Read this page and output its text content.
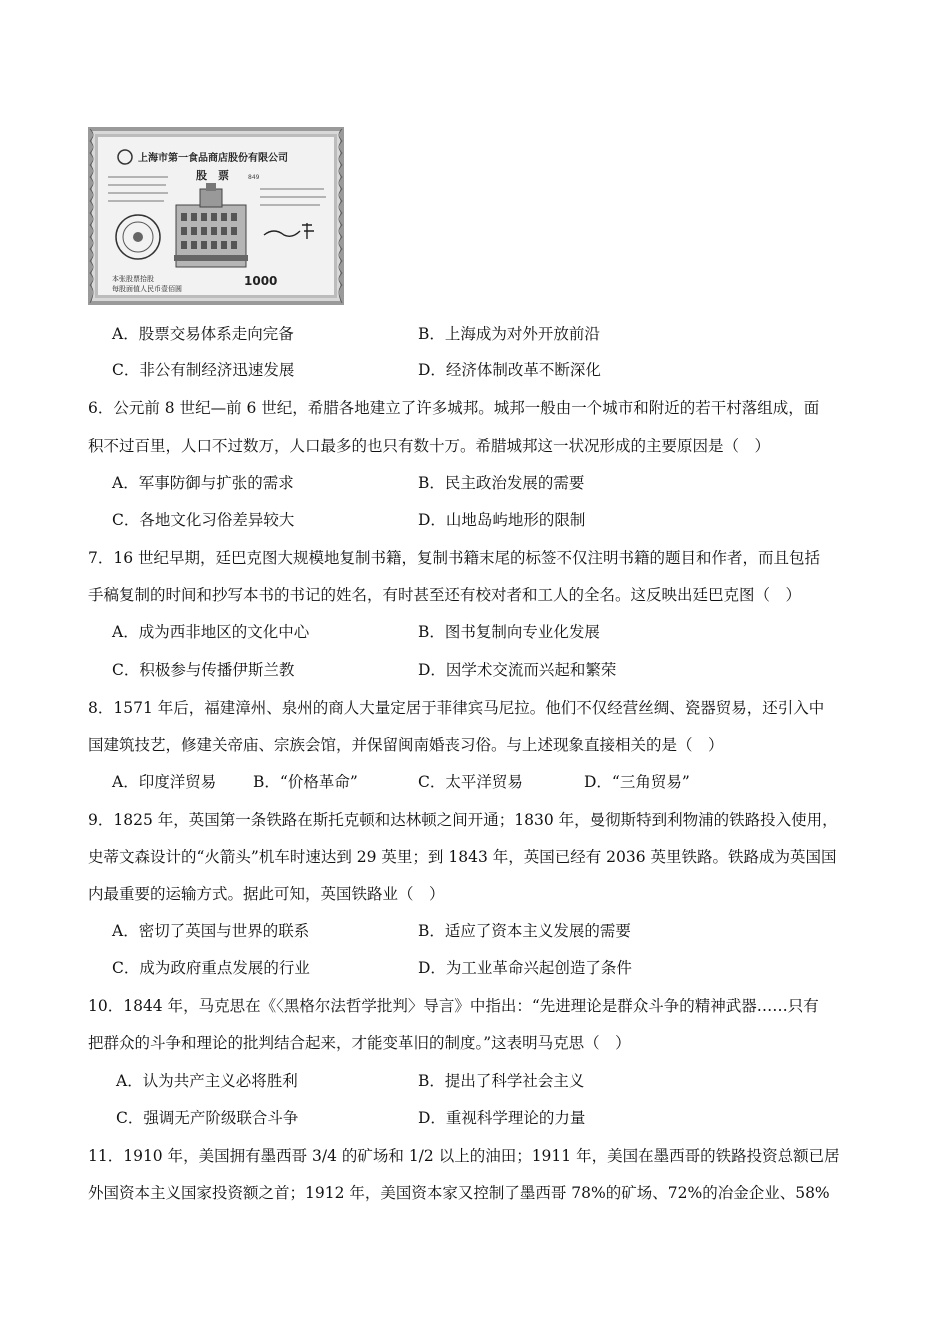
上海市第一食品商店股份有限公司
股　票	849
本张股票拾股
每股面值人民币壹佰圆
1000
A．股票交易体系走向完备	B．上海成为对外开放前沿
C．非公有制经济迅速发展	D．经济体制改革不断深化
6．公元前 8 世纪—前 6 世纪，希腊各地建立了许多城邦。城邦一般由一个城市和附近的若干村落组成，面
积不过百里，人口不过数万，人口最多的也只有数十万。希腊城邦这一状况形成的主要原因是（　）
A．军事防御与扩张的需求	B．民主政治发展的需要
C．各地文化习俗差异较大	D．山地岛屿地形的限制
7．16 世纪早期，廷巴克图大规模地复制书籍，复制书籍末尾的标签不仅注明书籍的题目和作者，而且包括
手稿复制的时间和抄写本书的书记的姓名，有时甚至还有校对者和工人的全名。这反映出廷巴克图（　）
A．成为西非地区的文化中心	B．图书复制向专业化发展
C．积极参与传播伊斯兰教	D．因学术交流而兴起和繁荣
8．1571 年后，福建漳州、泉州的商人大量定居于菲律宾马尼拉。他们不仅经营丝绸、瓷器贸易，还引入中
国建筑技艺，修建关帝庙、宗族会馆，并保留闽南婚丧习俗。与上述现象直接相关的是（　）
A．印度洋贸易 B．“价格革命”	C．太平洋贸易	D．“三角贸易”
9．1825 年，英国第一条铁路在斯托克顿和达林顿之间开通；1830 年，曼彻斯特到利物浦的铁路投入使用，
史蒂文森设计的“火箭头”机车时速达到 29 英里；到 1843 年，英国已经有 2036 英里铁路。铁路成为英国国
内最重要的运输方式。据此可知，英国铁路业（　）
A．密切了英国与世界的联系	B．适应了资本主义发展的需要
C．成为政府重点发展的行业	D．为工业革命兴起创造了条件
10．1844 年，马克思在《〈黑格尔法哲学批判〉导言》中指出：“先进理论是群众斗争的精神武器……只有
把群众的斗争和理论的批判结合起来，才能变革旧的制度。”这表明马克思（　）
A．认为共产主义必将胜利	B．提出了科学社会主义
C．强调无产阶级联合斗争	D．重视科学理论的力量
11．1910 年，美国拥有墨西哥 3/4 的矿场和 1/2 以上的油田；1911 年，美国在墨西哥的铁路投资总额已居
外国资本主义国家投资额之首；1912 年，美国资本家又控制了墨西哥 78%的矿场、72%的冶金企业、58%
